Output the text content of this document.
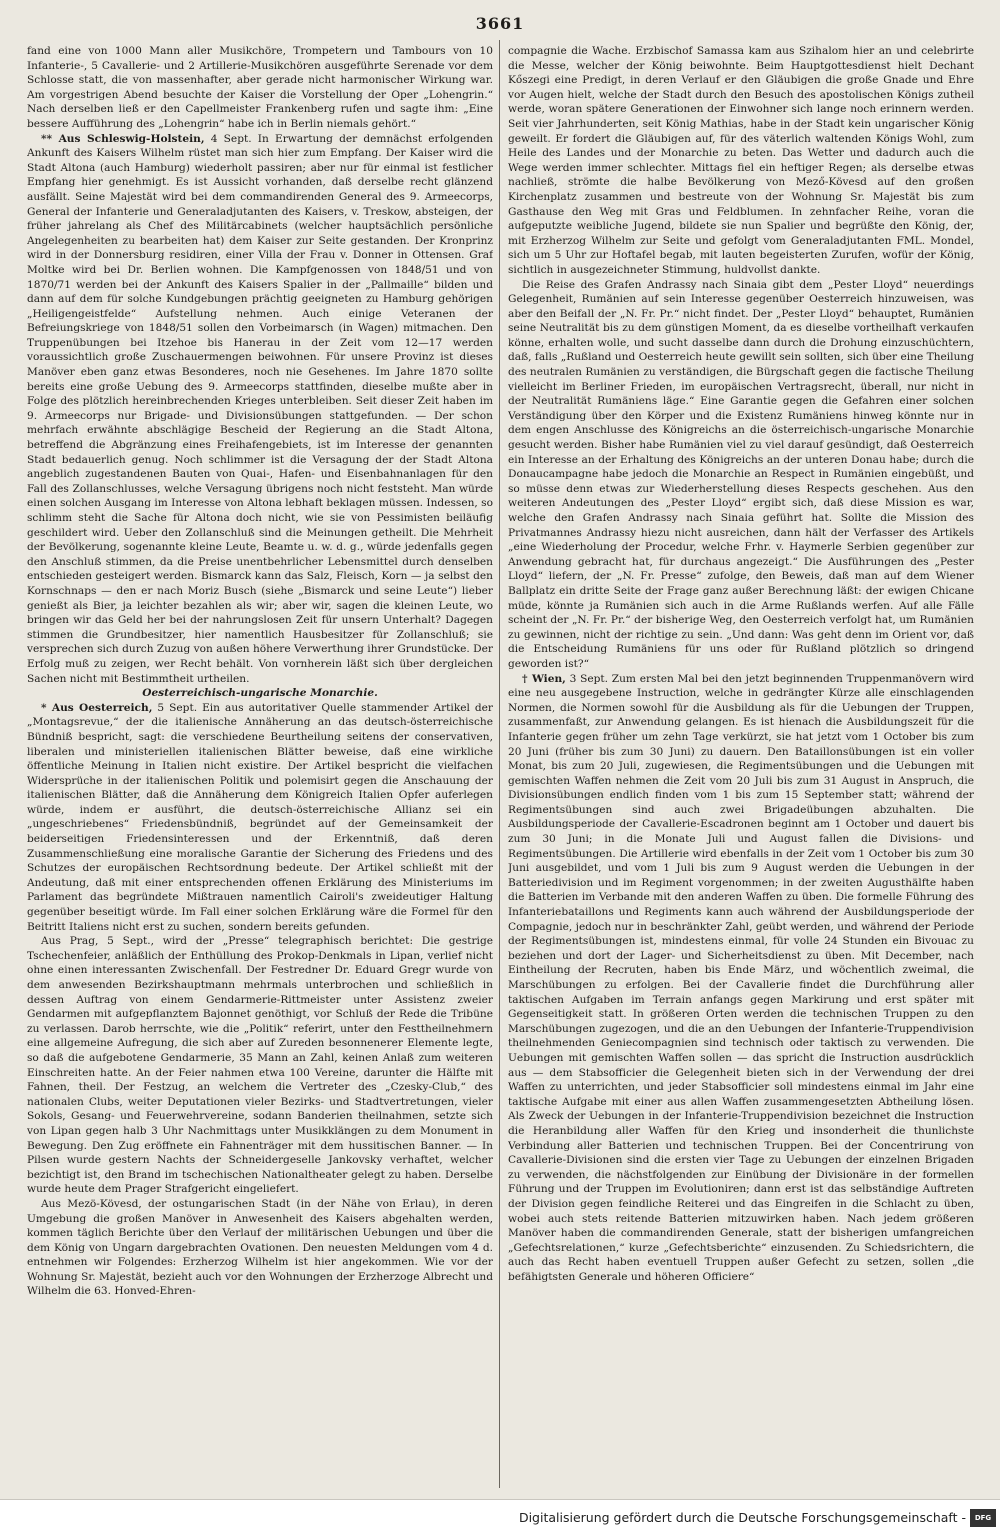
3661

fand eine von 1000 Mann aller Musikchöre, Trompetern und Tambours von 10 Infanterie-, 5 Cavallerie- und 2 Artillerie-Musikchören ausgeführte Serenade vor dem Schlosse statt, die von massenhafter, aber gerade nicht harmonischer Wirkung war. Am vorgestrigen Abend besuchte der Kaiser die Vorstellung der Oper „Lohengrin.“ Nach derselben ließ er den Capellmeister Frankenberg rufen und sagte ihm: „Eine bessere Aufführung des „Lohengrin“ habe ich in Berlin niemals gehört.“

** Aus Schleswig-Holstein, 4 Sept. In Erwartung der demnächst erfolgenden Ankunft des Kaisers Wilhelm rüstet man sich hier zum Empfang. Der Kaiser wird die Stadt Altona (auch Hamburg) wiederholt passiren; aber nur für einmal ist festlicher Empfang hier genehmigt. Es ist Aussicht vorhanden, daß derselbe recht glänzend ausfällt. Seine Majestät wird bei dem commandirenden General des 9. Armeecorps, General der Infanterie und Generaladjutanten des Kaisers, v. Treskow, absteigen, der früher jahrelang als Chef des Militärcabinets (welcher hauptsächlich persönliche Angelegenheiten zu bearbeiten hat) dem Kaiser zur Seite gestanden. Der Kronprinz wird in der Donnersburg residiren, einer Villa der Frau v. Donner in Ottensen. Graf Moltke wird bei Dr. Berlien wohnen. Die Kampfgenossen von 1848/51 und von 1870/71 werden bei der Ankunft des Kaisers Spalier in der „Pallmaille“ bilden und dann auf dem für solche Kundgebungen prächtig geeigneten zu Hamburg gehörigen „Heiligengeistfelde“ Aufstellung nehmen. Auch einige Veteranen der Befreiungskriege von 1848/51 sollen den Vorbeimarsch (in Wagen) mitmachen. Den Truppenübungen bei Itzehoe bis Hanerau in der Zeit vom 12—17 werden voraussichtlich große Zuschauermengen beiwohnen. Für unsere Provinz ist dieses Manöver eben ganz etwas Besonderes, noch nie Gesehenes. Im Jahre 1870 sollte bereits eine große Uebung des 9. Armeecorps stattfinden, dieselbe mußte aber in Folge des plötzlich hereinbrechenden Krieges unterbleiben. Seit dieser Zeit haben im 9. Armeecorps nur Brigade- und Divisionsübungen stattgefunden. — Der schon mehrfach erwähnte abschlägige Bescheid der Regierung an die Stadt Altona, betreffend die Abgränzung eines Freihafengebiets, ist im Interesse der genannten Stadt bedauerlich genug. Noch schlimmer ist die Versagung der der Stadt Altona angeblich zugestandenen Bauten von Quai-, Hafen- und Eisenbahnanlagen für den Fall des Zollanschlusses, welche Versagung übrigens noch nicht feststeht. Man würde einen solchen Ausgang im Interesse von Altona lebhaft beklagen müssen. Indessen, so schlimm steht die Sache für Altona doch nicht, wie sie von Pessimisten beiläufig geschildert wird. Ueber den Zollanschluß sind die Meinungen getheilt. Die Mehrheit der Bevölkerung, sogenannte kleine Leute, Beamte u. w. d. g., würde jedenfalls gegen den Anschluß stimmen, da die Preise unentbehrlicher Lebensmittel durch denselben entschieden gesteigert werden. Bismarck kann das Salz, Fleisch, Korn — ja selbst den Kornschnaps — den er nach Moriz Busch (siehe „Bismarck und seine Leute“) lieber genießt als Bier, ja leichter bezahlen als wir; aber wir, sagen die kleinen Leute, wo bringen wir das Geld her bei der nahrungslosen Zeit für unsern Unterhalt? Dagegen stimmen die Grundbesitzer, hier namentlich Hausbesitzer für Zollanschluß; sie versprechen sich durch Zuzug von außen höhere Verwerthung ihrer Grundstücke. Der Erfolg muß zu zeigen, wer Recht behält. Von vornherein läßt sich über dergleichen Sachen nicht mit Bestimmtheit urtheilen.

Oesterreichisch-ungarische Monarchie.

* Aus Oesterreich, 5 Sept. Ein aus autoritativer Quelle stammender Artikel der „Montagsrevue,“ der die italienische Annäherung an das deutsch-österreichische Bündniß bespricht, sagt: die verschiedene Beurtheilung seitens der conservativen, liberalen und ministeriellen italienischen Blätter beweise, daß eine wirkliche öffentliche Meinung in Italien nicht existire. Der Artikel bespricht die vielfachen Widersprüche in der italienischen Politik und polemisirt gegen die Anschauung der italienischen Blätter, daß die Annäherung dem Königreich Italien Opfer auferlegen würde, indem er ausführt, die deutsch-österreichische Allianz sei ein „ungeschriebenes“ Friedensbündniß, begründet auf der Gemeinsamkeit der beiderseitigen Friedensinteressen und der Erkenntniß, daß deren Zusammenschließung eine moralische Garantie der Sicherung des Friedens und des Schutzes der europäischen Rechtsordnung bedeute. Der Artikel schließt mit der Andeutung, daß mit einer entsprechenden offenen Erklärung des Ministeriums im Parlament das begründete Mißtrauen namentlich Cairoli's zweideutiger Haltung gegenüber beseitigt würde. Im Fall einer solchen Erklärung wäre die Formel für den Beitritt Italiens nicht erst zu suchen, sondern bereits gefunden.

Aus Prag, 5 Sept., wird der „Presse“ telegraphisch berichtet: Die gestrige Tschechenfeier, anläßlich der Enthüllung des Prokop-Denkmals in Lipan, verlief nicht ohne einen interessanten Zwischenfall. Der Festredner Dr. Eduard Gregr wurde von dem anwesenden Bezirkshauptmann mehrmals unterbrochen und schließlich in dessen Auftrag von einem Gendarmerie-Rittmeister unter Assistenz zweier Gendarmen mit aufgepflanztem Bajonnet genöthigt, vor Schluß der Rede die Tribüne zu verlassen. Darob herrschte, wie die „Politik“ referirt, unter den Festtheilnehmern eine allgemeine Aufregung, die sich aber auf Zureden besonnenerer Elemente legte, so daß die aufgebotene Gendarmerie, 35 Mann an Zahl, keinen Anlaß zum weiteren Einschreiten hatte. An der Feier nahmen etwa 100 Vereine, darunter die Hälfte mit Fahnen, theil. Der Festzug, an welchem die Vertreter des „Czesky-Club,“ des nationalen Clubs, weiter Deputationen vieler Bezirks- und Stadtvertretungen, vieler Sokols, Gesang- und Feuerwehrvereine, sodann Banderien theilnahmen, setzte sich von Lipan gegen halb 3 Uhr Nachmittags unter Musikklängen zu dem Monument in Bewegung. Den Zug eröffnete ein Fahnenträger mit dem hussitischen Banner. — In Pilsen wurde gestern Nachts der Schneidergeselle Jankovsky verhaftet, welcher bezichtigt ist, den Brand im tschechischen Nationaltheater gelegt zu haben. Derselbe wurde heute dem Prager Strafgericht eingeliefert.

Aus Mezö-Kövesd, der ostungarischen Stadt (in der Nähe von Erlau), in deren Umgebung die großen Manöver in Anwesenheit des Kaisers abgehalten werden, kommen täglich Berichte über den Verlauf der militärischen Uebungen und über die dem König von Ungarn dargebrachten Ovationen. Den neuesten Meldungen vom 4 d. entnehmen wir Folgendes: Erzherzog Wilhelm ist hier angekommen. Wie vor der Wohnung Sr. Majestät, bezieht auch vor den Wohnungen der Erzherzoge Albrecht und Wilhelm die 63. Honved-Ehren-

compagnie die Wache. Erzbischof Samassa kam aus Szihalom hier an und celebrirte die Messe, welcher der König beiwohnte. Beim Hauptgottesdienst hielt Dechant Kőszegi eine Predigt, in deren Verlauf er den Gläubigen die große Gnade und Ehre vor Augen hielt, welche der Stadt durch den Besuch des apostolischen Königs zutheil werde, woran spätere Generationen der Einwohner sich lange noch erinnern werden. Seit vier Jahrhunderten, seit König Mathias, habe in der Stadt kein ungarischer König geweilt. Er fordert die Gläubigen auf, für des väterlich waltenden Königs Wohl, zum Heile des Landes und der Monarchie zu beten. Das Wetter und dadurch auch die Wege werden immer schlechter. Mittags fiel ein heftiger Regen; als derselbe etwas nachließ, strömte die halbe Bevölkerung von Mező-Kövesd auf den großen Kirchenplatz zusammen und bestreute von der Wohnung Sr. Majestät bis zum Gasthause den Weg mit Gras und Feldblumen. In zehnfacher Reihe, voran die aufgeputzte weibliche Jugend, bildete sie nun Spalier und begrüßte den König, der, mit Erzherzog Wilhelm zur Seite und gefolgt vom Generaladjutanten FML. Mondel, sich um 5 Uhr zur Hoftafel begab, mit lauten begeisterten Zurufen, wofür der König, sichtlich in ausgezeichneter Stimmung, huldvollst dankte.

Die Reise des Grafen Andrassy nach Sinaia gibt dem „Pester Lloyd“ neuerdings Gelegenheit, Rumänien auf sein Interesse gegenüber Oesterreich hinzuweisen, was aber den Beifall der „N. Fr. Pr.“ nicht findet. Der „Pester Lloyd“ behauptet, Rumänien seine Neutralität bis zu dem günstigen Moment, da es dieselbe vortheilhaft verkaufen könne, erhalten wolle, und sucht dasselbe dann durch die Drohung einzuschüchtern, daß, falls „Rußland und Oesterreich heute gewillt sein sollten, sich über eine Theilung des neutralen Rumänien zu verständigen, die Bürgschaft gegen die factische Theilung vielleicht im Berliner Frieden, im europäischen Vertragsrecht, überall, nur nicht in der Neutralität Rumäniens läge.“ Eine Garantie gegen die Gefahren einer solchen Verständigung über den Körper und die Existenz Rumäniens hinweg könnte nur in dem engen Anschlusse des Königreichs an die österreichisch-ungarische Monarchie gesucht werden. Bisher habe Rumänien viel zu viel darauf gesündigt, daß Oesterreich ein Interesse an der Erhaltung des Königreichs an der unteren Donau habe; durch die Donaucampagne habe jedoch die Monarchie an Respect in Rumänien eingebüßt, und so müsse denn etwas zur Wiederherstellung dieses Respects geschehen. Aus den weiteren Andeutungen des „Pester Lloyd“ ergibt sich, daß diese Mission es war, welche den Grafen Andrassy nach Sinaia geführt hat. Sollte die Mission des Privatmannes Andrassy hiezu nicht ausreichen, dann hält der Verfasser des Artikels „eine Wiederholung der Procedur, welche Frhr. v. Haymerle Serbien gegenüber zur Anwendung gebracht hat, für durchaus angezeigt.“ Die Ausführungen des „Pester Lloyd“ liefern, der „N. Fr. Presse“ zufolge, den Beweis, daß man auf dem Wiener Ballplatz ein dritte Seite der Frage ganz außer Berechnung läßt: der ewigen Chicane müde, könnte ja Rumänien sich auch in die Arme Rußlands werfen. Auf alle Fälle scheint der „N. Fr. Pr.“ der bisherige Weg, den Oesterreich verfolgt hat, um Rumänien zu gewinnen, nicht der richtige zu sein. „Und dann: Was geht denn im Orient vor, daß die Entscheidung Rumäniens für uns oder für Rußland plötzlich so dringend geworden ist?“

† Wien, 3 Sept. Zum ersten Mal bei den jetzt beginnenden Truppenmanövern wird eine neu ausgegebene Instruction, welche in gedrängter Kürze alle einschlagenden Normen, die Normen sowohl für die Ausbildung als für die Uebungen der Truppen, zusammenfaßt, zur Anwendung gelangen. Es ist hienach die Ausbildungszeit für die Infanterie gegen früher um zehn Tage verkürzt, sie hat jetzt vom 1 October bis zum 20 Juni (früher bis zum 30 Juni) zu dauern. Den Bataillonsübungen ist ein voller Monat, bis zum 20 Juli, zugewiesen, die Regimentsübungen und die Uebungen mit gemischten Waffen nehmen die Zeit vom 20 Juli bis zum 31 August in Anspruch, die Divisionsübungen endlich finden vom 1 bis zum 15 September statt; während der Regimentsübungen sind auch zwei Brigadeübungen abzuhalten. Die Ausbildungsperiode der Cavallerie-Escadronen beginnt am 1 October und dauert bis zum 30 Juni; in die Monate Juli und August fallen die Divisions- und Regimentsübungen. Die Artillerie wird ebenfalls in der Zeit vom 1 October bis zum 30 Juni ausgebildet, und vom 1 Juli bis zum 9 August werden die Uebungen in der Batteriedivision und im Regiment vorgenommen; in der zweiten Augusthälfte haben die Batterien im Verbande mit den anderen Waffen zu üben. Die formelle Führung des Infanteriebataillons und Regiments kann auch während der Ausbildungsperiode der Compagnie, jedoch nur in beschränkter Zahl, geübt werden, und während der Periode der Regimentsübungen ist, mindestens einmal, für volle 24 Stunden ein Bivouac zu beziehen und dort der Lager- und Sicherheitsdienst zu üben. Mit December, nach Eintheilung der Recruten, haben bis Ende März, und wöchentlich zweimal, die Marschübungen zu erfolgen. Bei der Cavallerie findet die Durchführung aller taktischen Aufgaben im Terrain anfangs gegen Markirung und erst später mit Gegenseitigkeit statt. In größeren Orten werden die technischen Truppen zu den Marschübungen zugezogen, und die an den Uebungen der Infanterie-Truppendivision theilnehmenden Geniecompagnien sind technisch oder taktisch zu verwenden. Die Uebungen mit gemischten Waffen sollen — das spricht die Instruction ausdrücklich aus — dem Stabsofficier die Gelegenheit bieten sich in der Verwendung der drei Waffen zu unterrichten, und jeder Stabsofficier soll mindestens einmal im Jahr eine taktische Aufgabe mit einer aus allen Waffen zusammengesetzten Abtheilung lösen. Als Zweck der Uebungen in der Infanterie-Truppendivision bezeichnet die Instruction die Heranbildung aller Waffen für den Krieg und insonderheit die thunlichste Verbindung aller Batterien und technischen Truppen. Bei der Concentrirung von Cavallerie-Divisionen sind die ersten vier Tage zu Uebungen der einzelnen Brigaden zu verwenden, die nächstfolgenden zur Einübung der Divisionäre in der formellen Führung und der Truppen im Evolutioniren; dann erst ist das selbständige Auftreten der Division gegen feindliche Reiterei und das Eingreifen in die Schlacht zu üben, wobei auch stets reitende Batterien mitzuwirken haben. Nach jedem größeren Manöver haben die commandirenden Generale, statt der bisherigen umfangreichen „Gefechtsrelationen,“ kurze „Gefechtsberichte“ einzusenden. Zu Schiedsrichtern, die auch das Recht haben eventuell Truppen außer Gefecht zu setzen, sollen „die befähigtsten Generale und höheren Officiere“

Digitalisierung gefördert durch die Deutsche Forschungsgemeinschaft -	DFG
